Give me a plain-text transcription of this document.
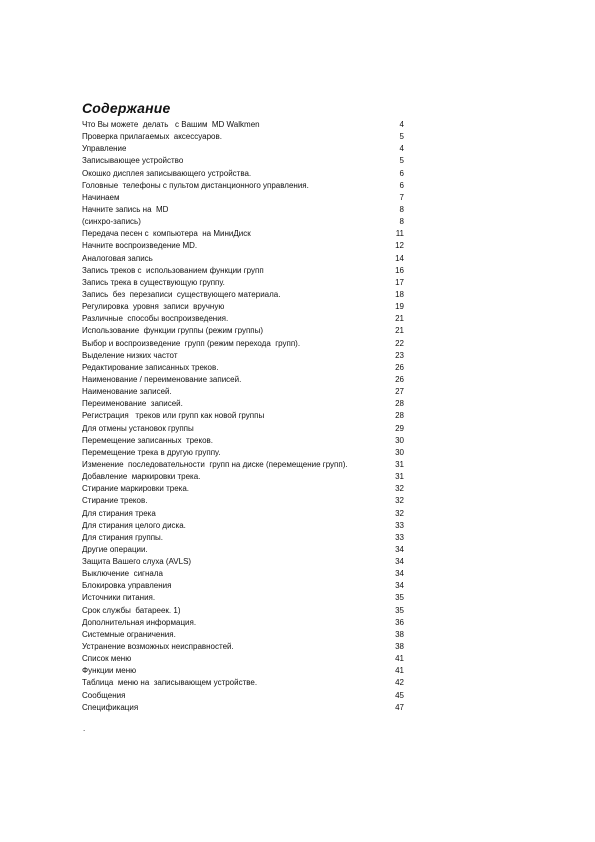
Содержание
Что Вы можете  делать   с Вашим  MD Walkmen	4
Проверка прилагаемых  аксессуаров.	5
Управление	4
Записывающее устройство	5
Окошко дисплея записывающего устройства.	6
Головные  телефоны с пультом дистанционного управления.	6
Начинаем	7
Начните запись на  MD	8
(синхро-запись)	8
Передача песен с  компьютера  на МиниДиск	11
Начните воспроизведение MD.	12
Аналоговая запись	14
Запись треков с  использованием функции групп	16
Запись трека в существующую группу.	17
Запись  без  перезаписи  существующего материала.	18
Регулировка  уровня  записи  вручную	19
Различные  способы воспроизведения.	21
Использование  функции группы (режим группы)	21
Выбор и воспроизведение  групп (режим перехода  групп).	22
Выделение низких частот	23
Редактирование записанных треков.	26
Наименование / переименование записей.	26
Наименование записей.	27
Переименование  записей.	28
Регистрация   треков или групп как новой группы	28
Для отмены установок группы	29
Перемещение записанных  треков.	30
Перемещение трека в другую группу.	30
Изменение  последовательности  групп на диске (перемещение групп).	31
Добавление  маркировки трека.	31
Стирание маркировки трека.	32
Стирание треков.	32
Для стирания трека	32
Для стирания целого диска.	33
Для стирания группы.	33
Другие операции.	34
Защита Вашего слуха (AVLS)	34
Выключение  сигнала	34
Блокировка управления	34
Источники питания.	35
Срок службы  батареек. 1)	35
Дополнительная информация.	36
Системные ограничения.	38
Устранение возможных неисправностей.	38
Список меню	41
Функции меню	41
Таблица  меню на  записывающем устройстве.	42
Сообщения	45
Спецификация	47
.
